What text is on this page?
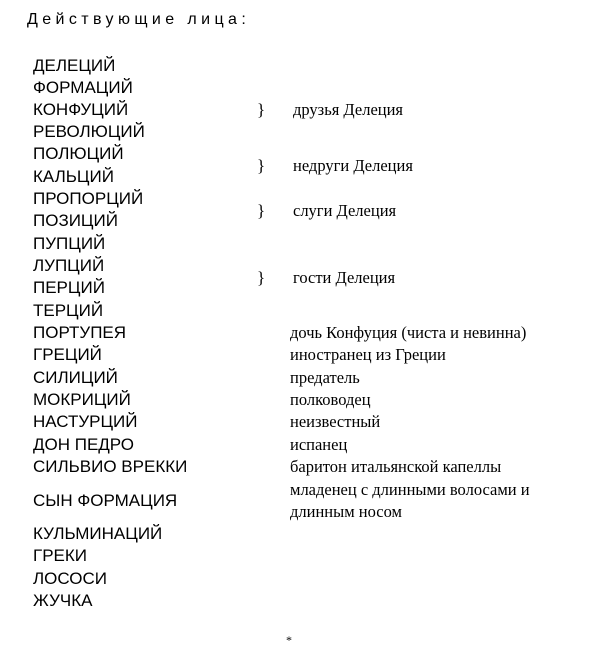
Действующие лица:
ДЕЛЕЦИЙ
ФОРМАЦИЙ
КОНФУЦИЙ
РЕВОЛЮЦИЙ
ПОЛЮЦИЙ
КАЛЬЦИЙ
ПРОПОРЦИЙ
ПОЗИЦИЙ
ПУПЦИЙ
ЛУПЦИЙ
ПЕРЦИЙ
ТЕРЦИЙ
ПОРТУПЕЯ
ГРЕЦИЙ
СИЛИЦИЙ
МОКРИЦИЙ
НАСТУРЦИЙ
ДОН ПЕДРО
СИЛЬВИО ВРЕККИ
СЫН ФОРМАЦИЯ
КУЛЬМИНАЦИЙ
ГРЕКИ
ЛОСОСИ
ЖУЧКА
} друзья Делеция
} недруги Делеция
} слуги Делеция
} гости Делеция
дочь Конфуция (чиста и невинна)
иностранец из Греции
предатель
полководец
неизвестный
испанец
баритон итальянской капеллы
младенец с длинными волосами и длинным носом
*
